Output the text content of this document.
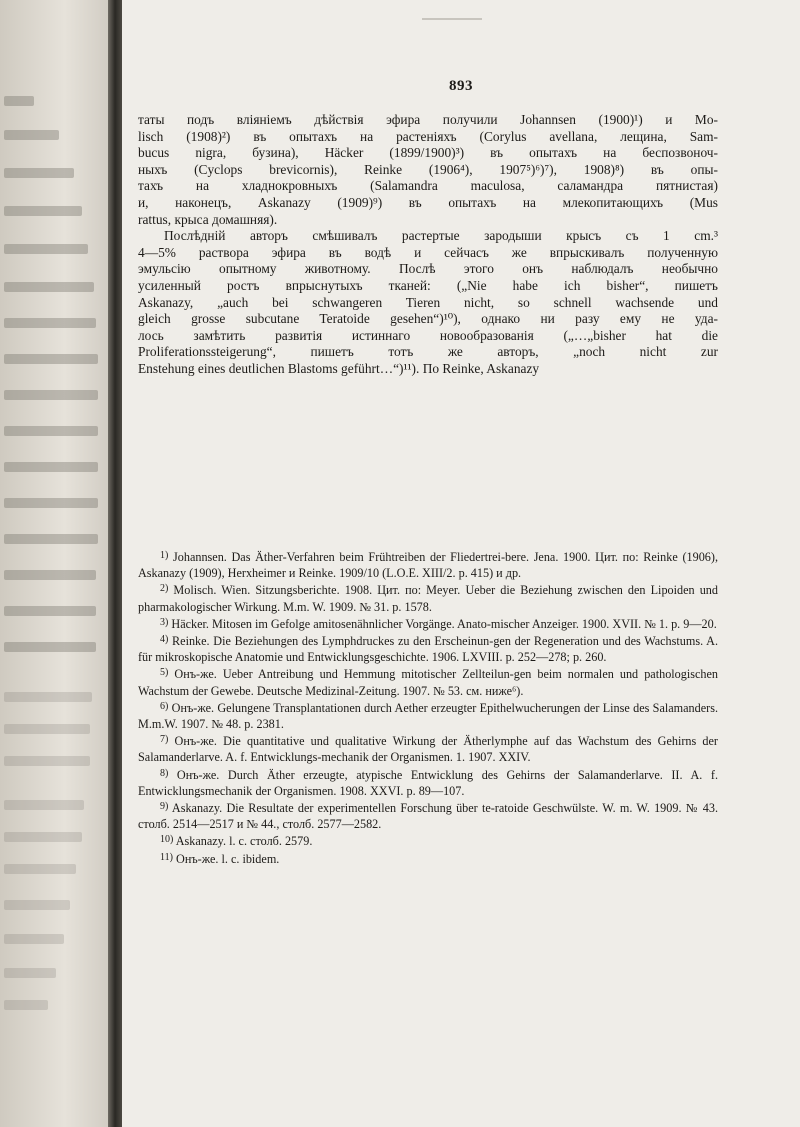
893
таты подъ вліяніемъ дѣйствія эфира получили Johannsen (1900)¹) и Mo-
lisch (1908)²) въ опытахъ на растеніяхъ (Corylus avellana, лещина, Sam-
bucus nigra, бузина), Häcker (1899/1900)³) въ опытахъ на беспозвоноч-
ныхъ (Cyclops brevicornis), Reinke (1906⁴), 1907⁵)⁶)⁷), 1908)⁸) въ опы-
тахъ на хладнокровныхъ (Salamandra maculosa, саламандра пятнистая)
и, наконецъ, Askanazy (1909)⁹) въ опытахъ на млекопитающихъ (Mus
rattus, крыса домашняя).
Послѣдній авторъ смѣшивалъ растертые зародыши крысъ съ 1 cm.³
4—5% раствора эфира въ водѣ и сейчасъ же впрыскивалъ полученную
эмульсію опытному животному. Послѣ этого онъ наблюдалъ необычно
усиленный ростъ впрыснутыхъ тканей: („Nie habe ich bisher“, пишетъ
Askanazy, „auch bei schwangeren Tieren nicht, so schnell wachsende und
gleich grosse subcutane Teratoide gesehen“)¹⁰), однако ни разу ему не уда-
лось замѣтить развитія истиннаго новообразованія („…„bisher hat die
Proliferationssteigerung“, пишетъ тотъ же авторъ, „noch nicht zur
Enstehung eines deutlichen Blastoms geführt…“)¹¹). По Reinke, Askanazy
$^{1)}$ Johannsen. Das Äther-Verfahren beim Frühtreiben der Fliedertrei-bere. Jena. 1900. Цит. по: Reinke (1906), Askanazy (1909), Herxheimer и Reinke. 1909/10 (L.O.E. XIII/2. p. 415) и др.
$^{2)}$ Molisch. Wien. Sitzungsberichte. 1908. Цит. по: Meyer. Ueber die Beziehung zwischen den Lipoiden und pharmakologischer Wirkung. M.m. W. 1909. № 31. p. 1578.
$^{3)}$ Häcker. Mitosen im Gefolge amitosenähnlicher Vorgänge. Anato-mischer Anzeiger. 1900. XVII. № 1. p. 9—20.
$^{4)}$ Reinke. Die Beziehungen des Lymphdruckes zu den Erscheinun-gen der Regeneration und des Wachstums. A. für mikroskopische Anatomie und Entwicklungsgeschichte. 1906. LXVIII. p. 252—278; p. 260.
$^{5)}$ Онъ-же. Ueber Antreibung und Hemmung mitotischer Zellteilun-gen beim normalen und pathologischen Wachstum der Gewebe. Deutsche Medizinal-Zeitung. 1907. № 53. см. ниже⁶).
$^{6)}$ Онъ-же. Gelungene Transplantationen durch Aether erzeugter Epithelwucherungen der Linse des Salamanders. M.m.W. 1907. № 48. p. 2381.
$^{7)}$ Онъ-же. Die quantitative und qualitative Wirkung der Ätherlymphe auf das Wachstum des Gehirns der Salamanderlarve. A. f. Entwicklungs-mechanik der Organismen. 1. 1907. XXIV.
$^{8)}$ Онъ-же. Durch Äther erzeugte, atypische Entwicklung des Gehirns der Salamanderlarve. II. A. f. Entwicklungsmechanik der Organismen. 1908. XXVI. p. 89—107.
$^{9)}$ Askanazy. Die Resultate der experimentellen Forschung über te-ratoide Geschwülste. W. m. W. 1909. № 43. столб. 2514—2517 и № 44., столб. 2577—2582.
$^{10)}$ Askanazy. l. c. столб. 2579.
$^{11)}$ Онъ-же. l. c. ibidem.
